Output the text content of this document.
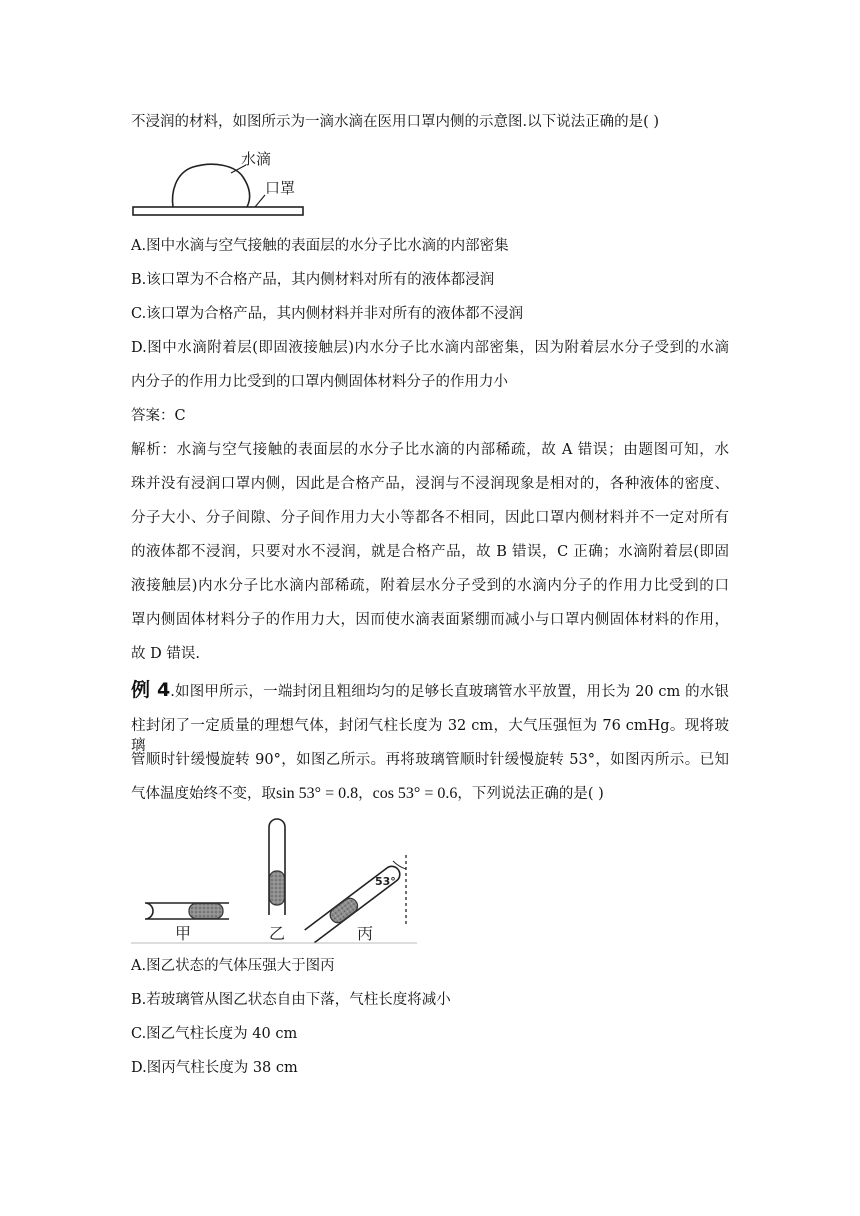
不浸润的材料，如图所示为一滴水滴在医用口罩内侧的示意图.以下说法正确的是( )
水滴
口罩
A.图中水滴与空气接触的表面层的水分子比水滴的内部密集
B.该口罩为不合格产品，其内侧材料对所有的液体都浸润
C.该口罩为合格产品，其内侧材料并非对所有的液体都不浸润
D.图中水滴附着层(即固液接触层)内水分子比水滴内部密集，因为附着层水分子受到的水滴
内分子的作用力比受到的口罩内侧固体材料分子的作用力小
答案：C
解析：水滴与空气接触的表面层的水分子比水滴的内部稀疏，故 A 错误；由题图可知，水
珠并没有浸润口罩内侧，因此是合格产品，浸润与不浸润现象是相对的，各种液体的密度、
分子大小、分子间隙、分子间作用力大小等都各不相同，因此口罩内侧材料并不一定对所有
的液体都不浸润，只要对水不浸润，就是合格产品，故 B 错误，C 正确；水滴附着层(即固
液接触层)内水分子比水滴内部稀疏，附着层水分子受到的水滴内分子的作用力比受到的口
罩内侧固体材料分子的作用力大，因而使水滴表面紧绷而减小与口罩内侧固体材料的作用，
故 D 错误.
例 4.如图甲所示，一端封闭且粗细均匀的足够长直玻璃管水平放置，用长为 20 cm 的水银
柱封闭了一定质量的理想气体，封闭气柱长度为 32 cm，大气压强恒为 76 cmHg。现将玻璃
管顺时针缓慢旋转 90°，如图乙所示。再将玻璃管顺时针缓慢旋转 53°，如图丙所示。已知
气体温度始终不变，取sin 53° = 0.8，cos 53° = 0.6，下列说法正确的是( )
53°
甲	乙	丙
A.图乙状态的气体压强大于图丙
B.若玻璃管从图乙状态自由下落，气柱长度将减小
C.图乙气柱长度为 40 cm
D.图丙气柱长度为 38 cm
